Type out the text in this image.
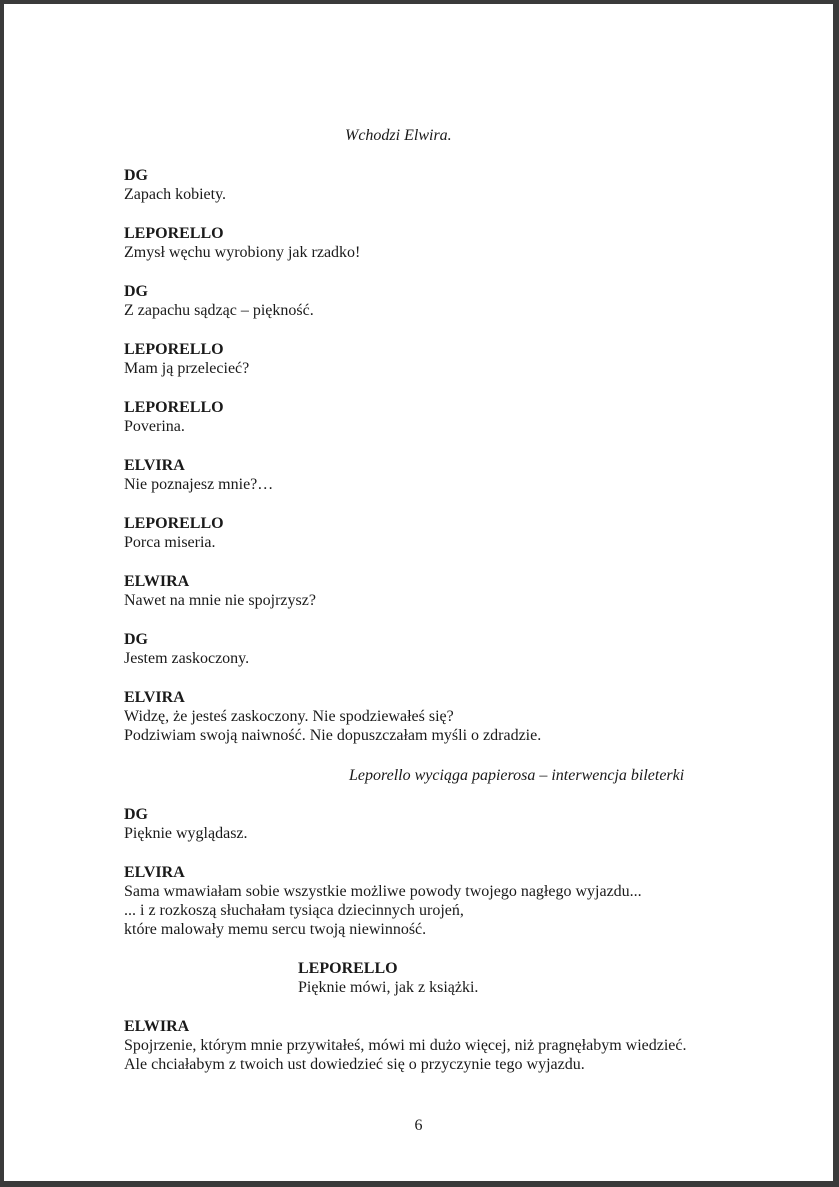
Wchodzi Elwira.
DG
Zapach kobiety.
LEPORELLO
Zmysł węchu wyrobiony jak rzadko!
DG
Z zapachu sądząc – piękność.
LEPORELLO
Mam ją przelecieć?
LEPORELLO
Poverina.
ELVIRA
Nie poznajesz mnie?…
LEPORELLO
Porca miseria.
ELWIRA
Nawet na mnie nie spojrzysz?
DG
Jestem zaskoczony.
ELVIRA
Widzę, że jesteś zaskoczony. Nie spodziewałeś się?
Podziwiam swoją naiwność. Nie dopuszczałam myśli o zdradzie.
Leporello wyciąga papierosa – interwencja bileterki
DG
Pięknie wyglądasz.
ELVIRA
Sama wmawiałam sobie wszystkie możliwe powody twojego nagłego wyjazdu...
... i z rozkoszą słuchałam tysiąca dziecinnych urojeń,
które malowały memu sercu twoją niewinność.
LEPORELLO
Pięknie mówi, jak z książki.
ELWIRA
Spojrzenie, którym mnie przywitałeś, mówi mi dużo więcej, niż pragnęłabym wiedzieć.
Ale chciałabym z twoich ust dowiedzieć się o przyczynie tego wyjazdu.
6
